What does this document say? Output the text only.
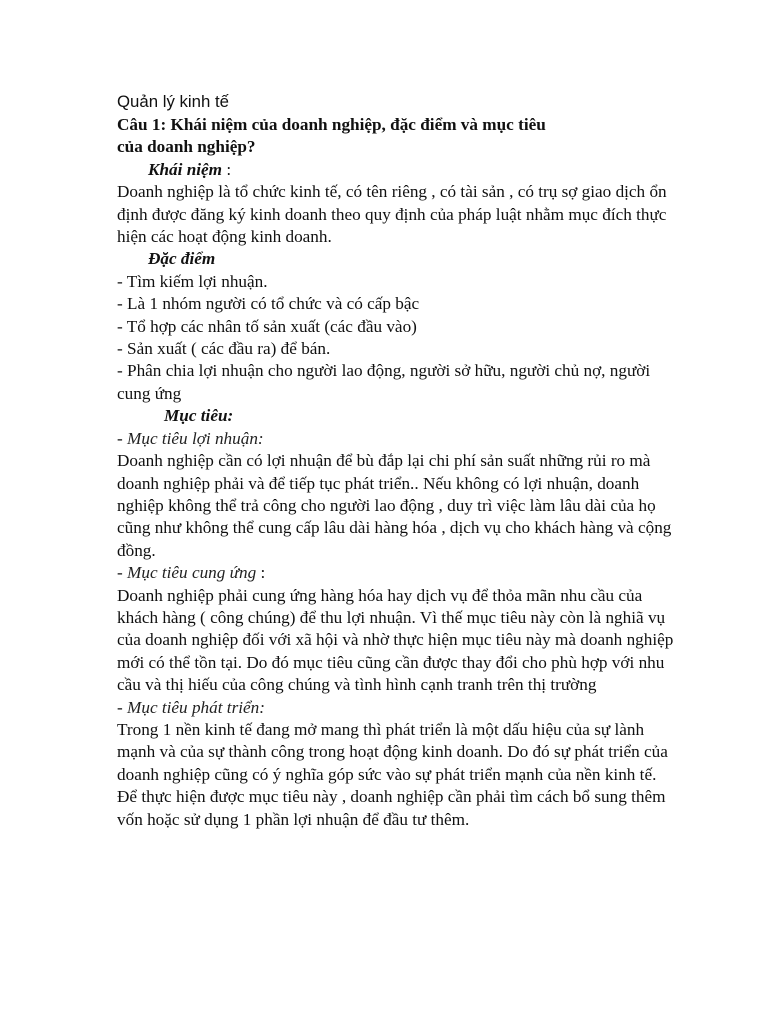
Quản lý kinh tế
Câu 1: Khái niệm của doanh nghiệp, đặc điểm và mục tiêu
của doanh nghiệp?
Khái niệm :

Doanh nghiệp là tổ chức kinh tế, có tên riêng , có tài sản , có trụ sợ giao dịch ổn định được đăng ký kinh doanh theo quy định của pháp luật nhằm mục đích thực hiện các hoạt động kinh doanh.

Đặc điểm
- Tìm kiếm lợi nhuận.
- Là 1 nhóm người có tổ chức và có cấp bậc
- Tổ hợp các nhân tố sản xuất (các đầu vào)
- Sản xuất ( các đầu ra) để bán.
- Phân chia lợi nhuận cho người lao động, người sở hữu, người chủ nợ, người cung ứng
Mục tiêu:
- Mục tiêu lợi nhuận:

Doanh nghiệp cần có lợi nhuận để bù đắp lại chi phí sản suất những rủi ro mà doanh nghiệp phải và để tiếp tục phát triển.. Nếu không có lợi nhuận, doanh nghiệp không thể trả công cho người lao động , duy trì việc làm lâu dài của họ cũng như không thể cung cấp lâu dài hàng hóa , dịch vụ cho khách hàng và cộng đồng.

- Mục tiêu cung ứng :

Doanh nghiệp phải cung ứng hàng hóa hay dịch vụ để thỏa mãn nhu cầu của khách hàng ( công chúng) để thu lợi nhuận. Vì thế mục tiêu này còn là nghiã vụ của doanh nghiệp đối với xã hội và nhờ thực hiện mục tiêu này mà doanh nghiệp mới có thể tồn tại. Do đó mục tiêu cũng cần được thay đổi cho phù hợp với nhu cầu và thị hiếu của công chúng và tình hình cạnh tranh trên thị trường

- Mục tiêu phát triển:

Trong 1 nền kinh tế đang mở mang thì phát triển là một dấu hiệu của sự lành mạnh và của sự thành công trong hoạt động kinh doanh. Do đó sự phát triển của doanh nghiệp cũng có ý nghĩa góp sức vào sự phát triển mạnh của nền kinh tế. Để thực hiện được mục tiêu này , doanh nghiệp cần phải tìm cách bổ sung thêm vốn hoặc sử dụng 1 phần lợi nhuận để đầu tư thêm.
